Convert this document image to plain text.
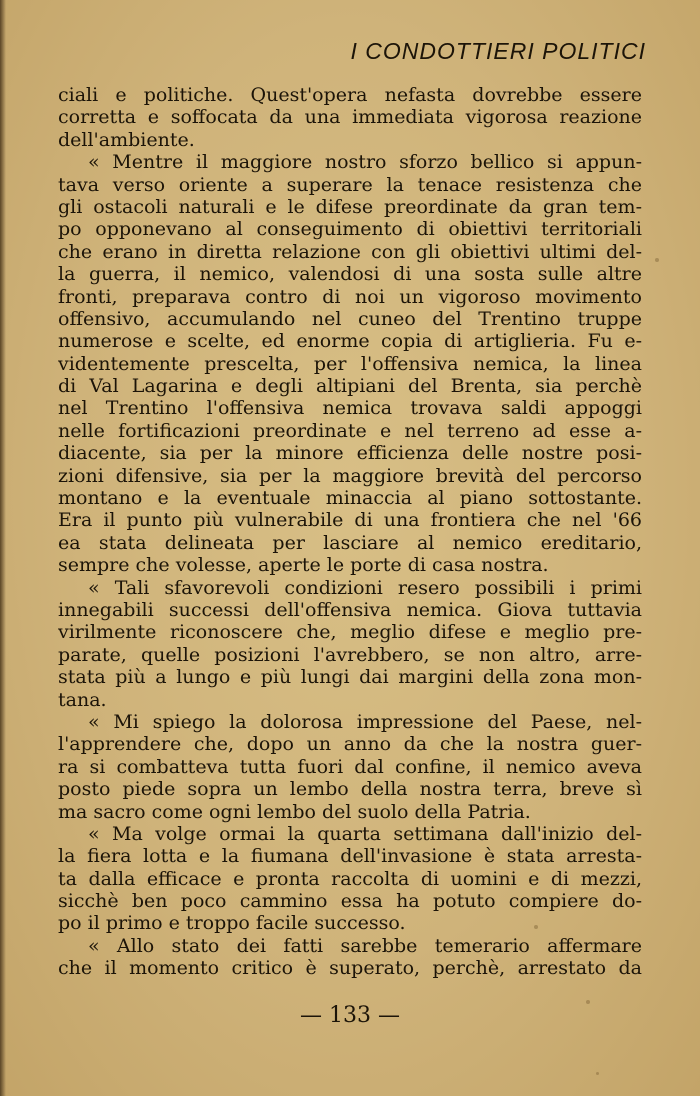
I CONDOTTIERI POLITICI
ciali e politiche. Quest'opera nefasta dovrebbe essere
corretta e soffocata da una immediata vigorosa reazione
dell'ambiente.
« Mentre il maggiore nostro sforzo bellico si appun-
tava verso oriente a superare la tenace resistenza che
gli ostacoli naturali e le difese preordinate da gran tem-
po opponevano al conseguimento di obiettivi territoriali
che erano in diretta relazione con gli obiettivi ultimi del-
la guerra, il nemico, valendosi di una sosta sulle altre
fronti, preparava contro di noi un vigoroso movimento
offensivo, accumulando nel cuneo del Trentino truppe
numerose e scelte, ed enorme copia di artiglieria. Fu e-
videntemente prescelta, per l'offensiva nemica, la linea
di Val Lagarina e degli altipiani del Brenta, sia perchè
nel Trentino l'offensiva nemica trovava saldi appoggi
nelle fortificazioni preordinate e nel terreno ad esse a-
diacente, sia per la minore efficienza delle nostre posi-
zioni difensive, sia per la maggiore brevità del percorso
montano e la eventuale minaccia al piano sottostante.
Era il punto più vulnerabile di una frontiera che nel '66
ea stata delineata per lasciare al nemico ereditario,
sempre che volesse, aperte le porte di casa nostra.
« Tali sfavorevoli condizioni resero possibili i primi
innegabili successi dell'offensiva nemica. Giova tuttavia
virilmente riconoscere che, meglio difese e meglio pre-
parate, quelle posizioni l'avrebbero, se non altro, arre-
stata più a lungo e più lungi dai margini della zona mon-
tana.
« Mi spiego la dolorosa impressione del Paese, nel-
l'apprendere che, dopo un anno da che la nostra guer-
ra si combatteva tutta fuori dal confine, il nemico aveva
posto piede sopra un lembo della nostra terra, breve sì
ma sacro come ogni lembo del suolo della Patria.
« Ma volge ormai la quarta settimana dall'inizio del-
la fiera lotta e la fiumana dell'invasione è stata arresta-
ta dalla efficace e pronta raccolta di uomini e di mezzi,
sicchè ben poco cammino essa ha potuto compiere do-
po il primo e troppo facile successo.
« Allo stato dei fatti sarebbe temerario affermare
che il momento critico è superato, perchè, arrestato da
— 133 —
